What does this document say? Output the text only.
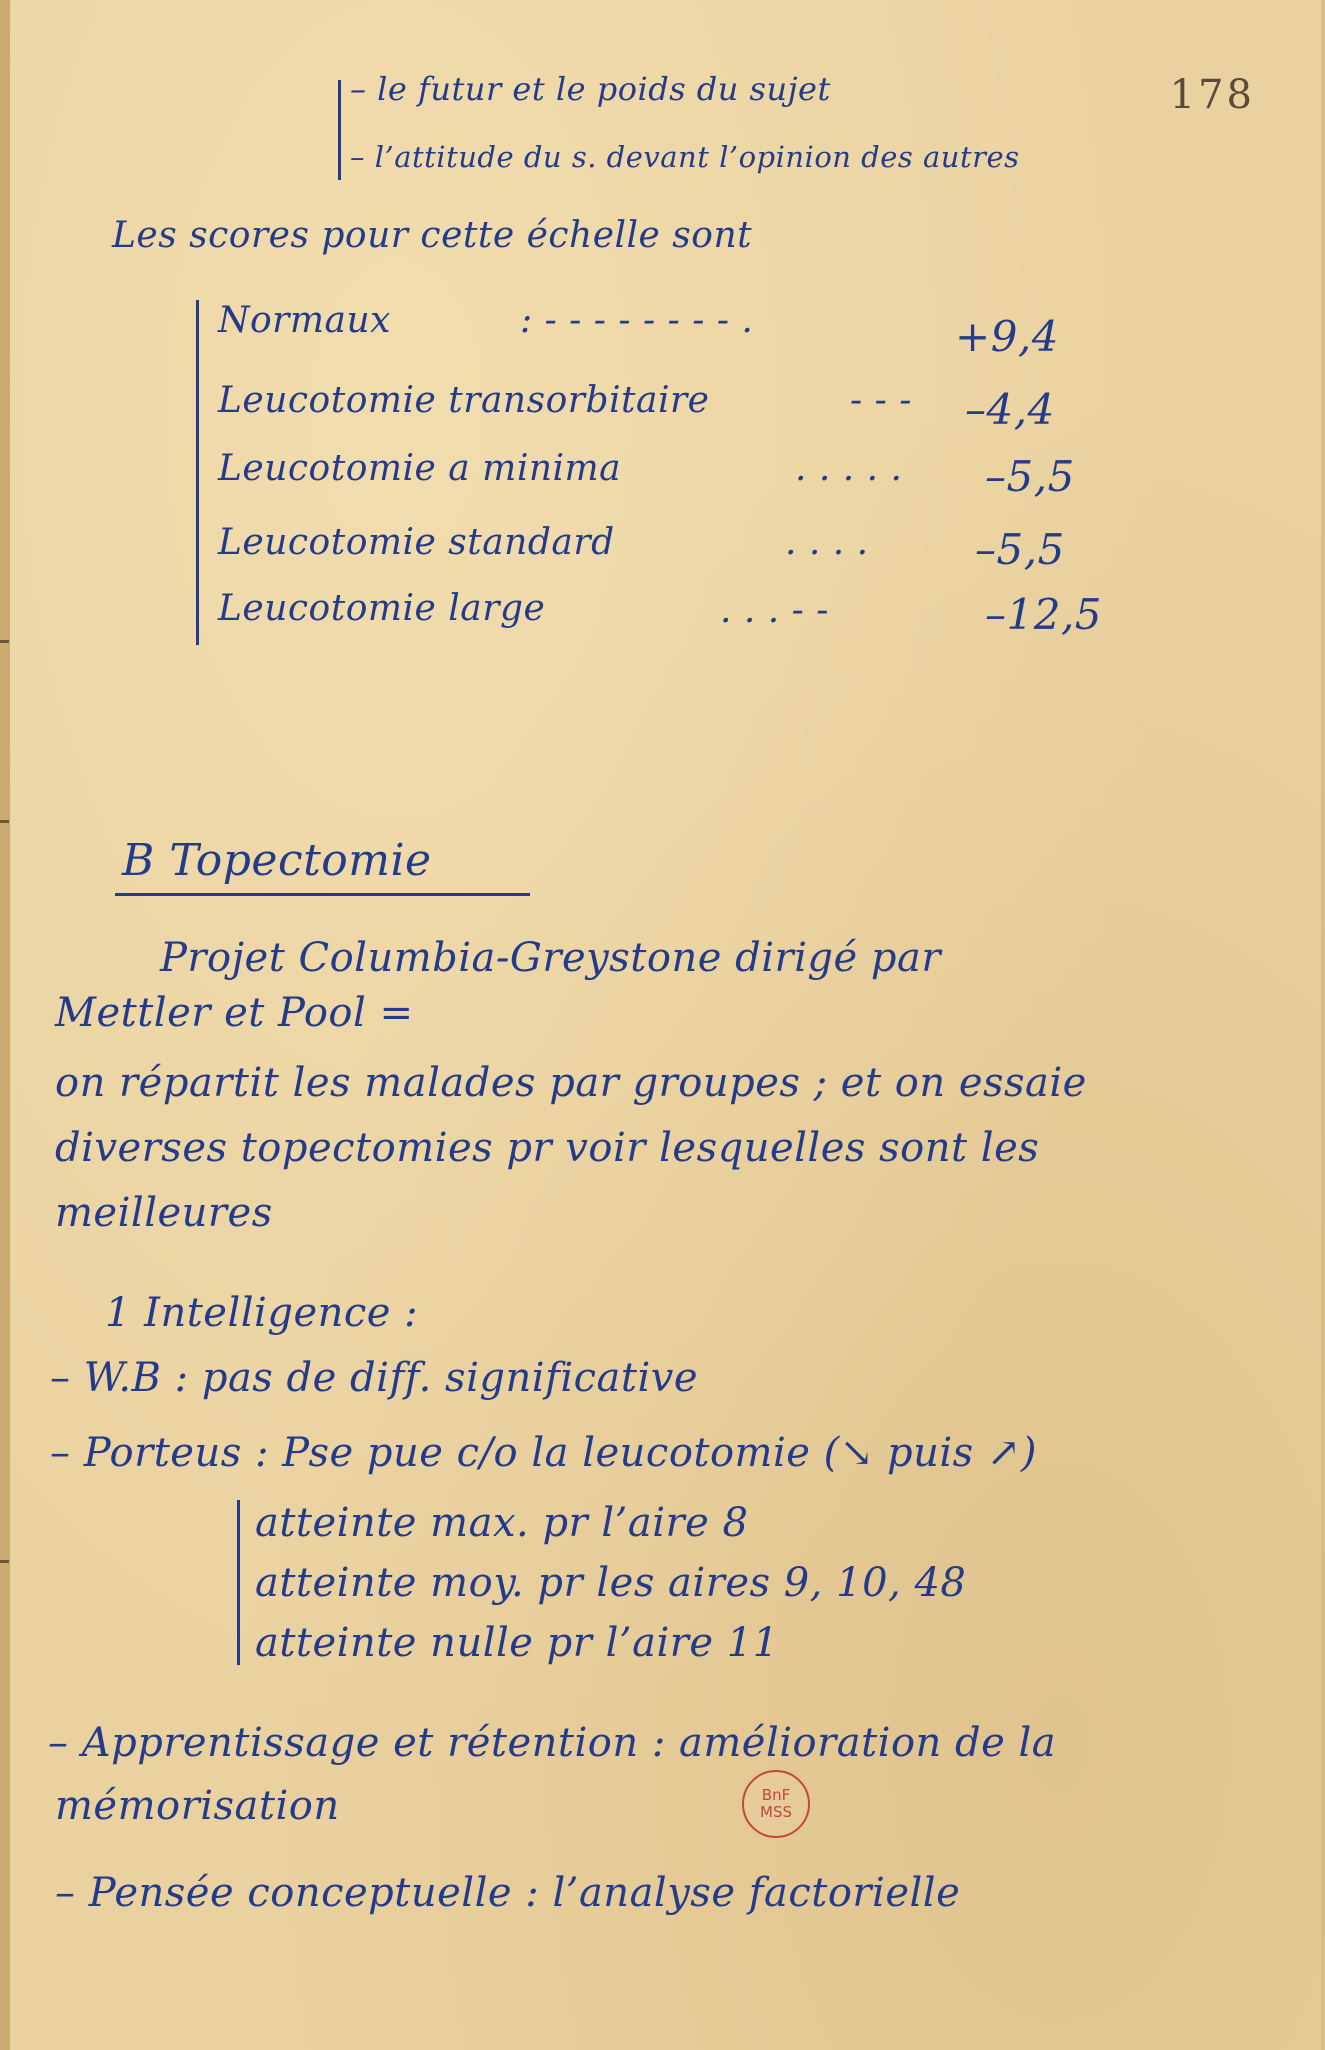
178
– le futur et le poids du sujet
– l’attitude du s. devant l’opinion des autres
Les scores pour cette échelle sont
Normaux	: - - - - - - - - .	+9,4
Leucotomie transorbitaire	- - - –4,4
Leucotomie a minima	. . . . . –5,5
Leucotomie standard	. . . .	–5,5
Leucotomie large	. . . - -	–12,5
B Topectomie
Projet Columbia-Greystone dirigé par
Mettler et Pool =
on répartit les malades par groupes ; et on essaie
diverses topectomies pr voir lesquelles sont les
meilleures
1 Intelligence :
– W.B : pas de diff. significative
– Porteus : Pse pue c/o la leucotomie (↘ puis ↗)
atteinte max. pr l’aire 8
atteinte moy. pr les aires 9, 10, 48
atteinte nulle pr l’aire 11
– Apprentissage et rétention : amélioration de la
mémorisation
– Pensée conceptuelle : l’analyse factorielle
BnF
MSS
